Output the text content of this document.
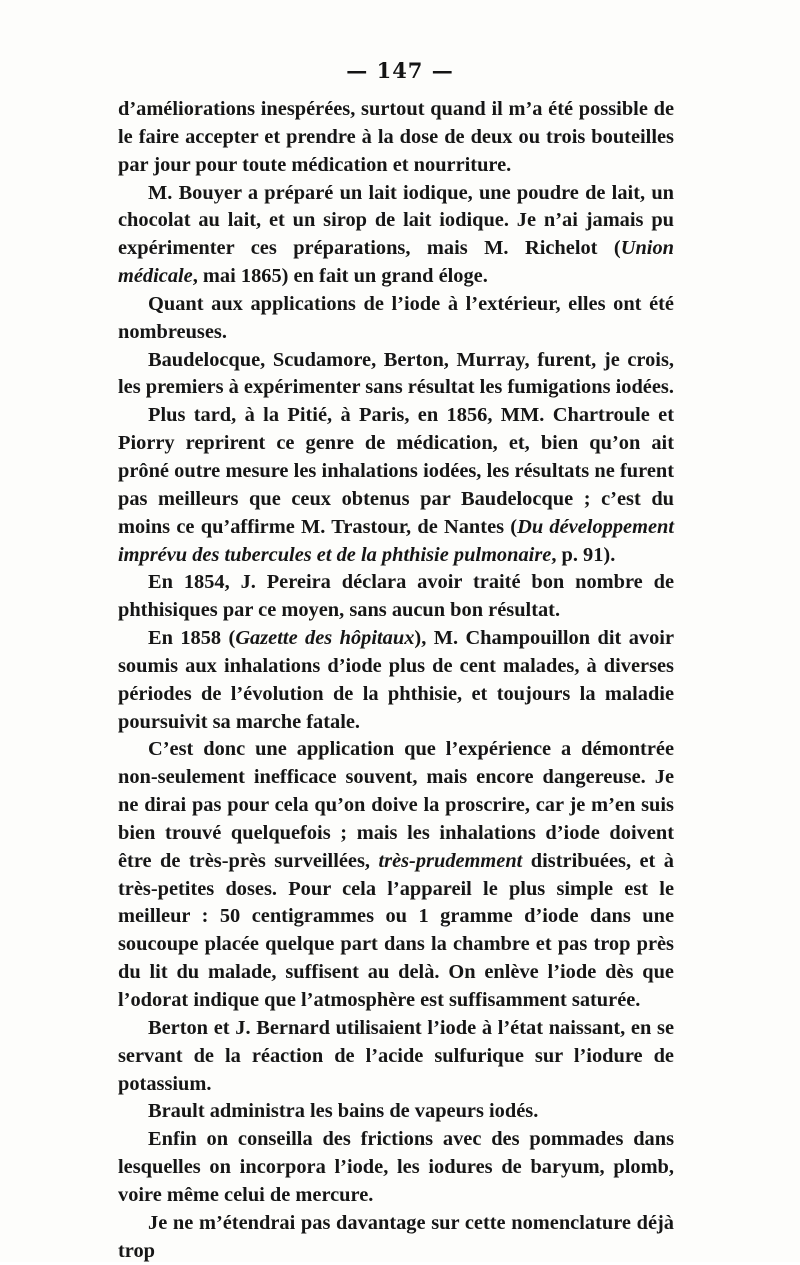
— 147 —

d’améliorations inespérées, surtout quand il m’a été possible de le faire accepter et prendre à la dose de deux ou trois bouteilles par jour pour toute médication et nourriture.

M. Bouyer a préparé un lait iodique, une poudre de lait, un chocolat au lait, et un sirop de lait iodique. Je n’ai jamais pu expérimenter ces préparations, mais M. Richelot (Union médicale, mai 1865) en fait un grand éloge.

Quant aux applications de l’iode à l’extérieur, elles ont été nombreuses.

Baudelocque, Scudamore, Berton, Murray, furent, je crois, les premiers à expérimenter sans résultat les fumigations iodées.

Plus tard, à la Pitié, à Paris, en 1856, MM. Chartroule et Piorry reprirent ce genre de médication, et, bien qu’on ait prôné outre mesure les inhalations iodées, les résultats ne furent pas meilleurs que ceux obtenus par Baudelocque ; c’est du moins ce qu’affirme M. Trastour, de Nantes (Du développement imprévu des tubercules et de la phthisie pulmonaire, p. 91).

En 1854, J. Pereira déclara avoir traité bon nombre de phthisiques par ce moyen, sans aucun bon résultat.

En 1858 (Gazette des hôpitaux), M. Champouillon dit avoir soumis aux inhalations d’iode plus de cent malades, à diverses périodes de l’évolution de la phthisie, et toujours la maladie poursuivit sa marche fatale.

C’est donc une application que l’expérience a démontrée non-seulement inefficace souvent, mais encore dangereuse. Je ne dirai pas pour cela qu’on doive la proscrire, car je m’en suis bien trouvé quelquefois ; mais les inhalations d’iode doivent être de très-près surveillées, très-prudemment distribuées, et à très-petites doses. Pour cela l’appareil le plus simple est le meilleur : 50 centigrammes ou 1 gramme d’iode dans une soucoupe placée quelque part dans la chambre et pas trop près du lit du malade, suffisent au delà. On enlève l’iode dès que l’odorat indique que l’atmosphère est suffisamment saturée.

Berton et J. Bernard utilisaient l’iode à l’état naissant, en se servant de la réaction de l’acide sulfurique sur l’iodure de potassium.

Brault administra les bains de vapeurs iodés.

Enfin on conseilla des frictions avec des pommades dans lesquelles on incorpora l’iode, les iodures de baryum, plomb, voire même celui de mercure.

Je ne m’étendrai pas davantage sur cette nomenclature déjà trop
